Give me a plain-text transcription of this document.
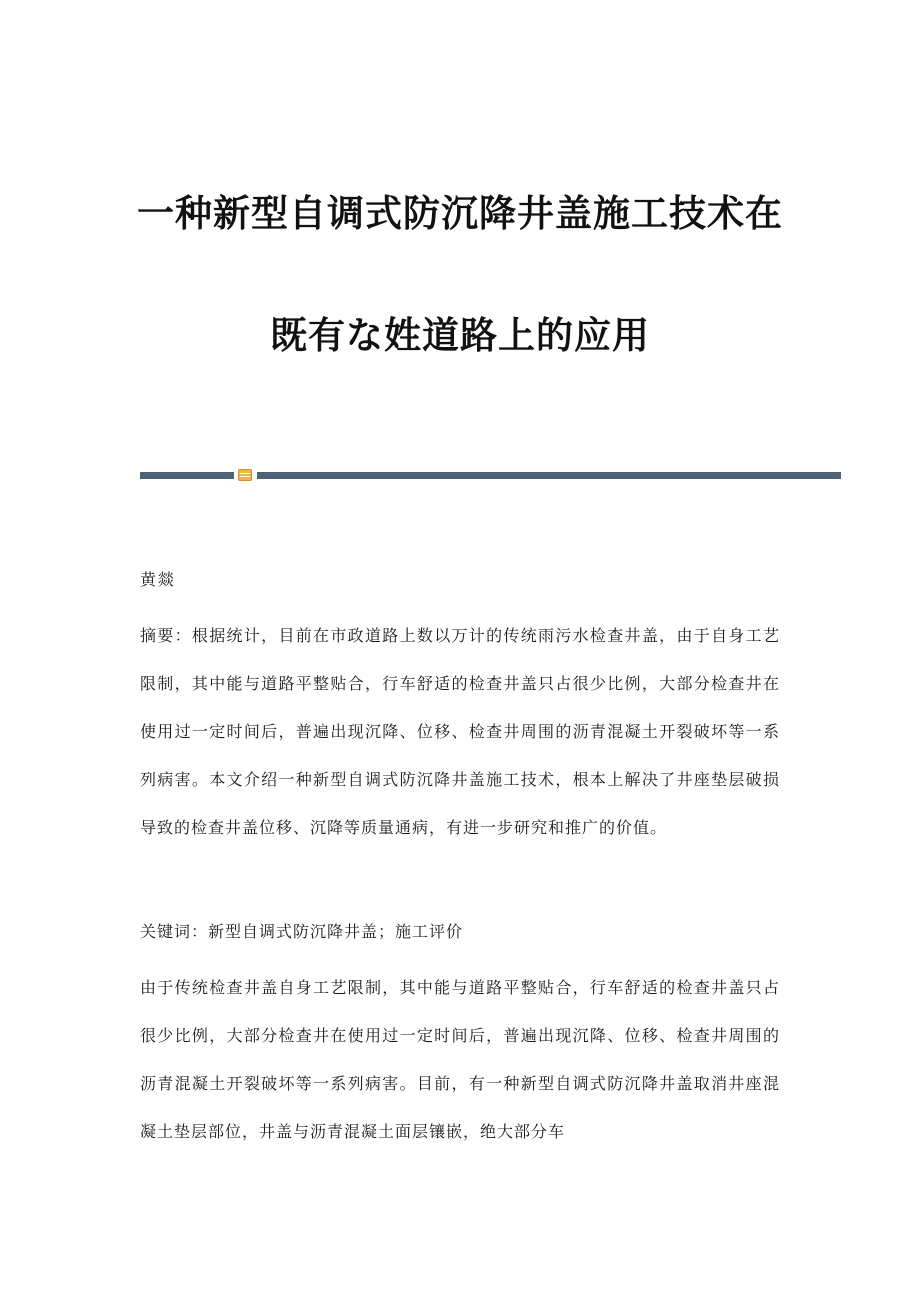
一种新型自调式防沉降井盖施工技术在
既有な姓道路上的应用
黄燚

摘要：根据统计，目前在市政道路上数以万计的传统雨污水检查井盖，由于自身工艺限制，其中能与道路平整贴合，行车舒适的检查井盖只占很少比例，大部分检查井在使用过一定时间后，普遍出现沉降、位移、检查井周围的沥青混凝土开裂破坏等一系列病害。本文介绍一种新型自调式防沉降井盖施工技术，根本上解决了井座垫层破损导致的检查井盖位移、沉降等质量通病，有进一步研究和推广的价值。

关键词：新型自调式防沉降井盖；施工评价

由于传统检查井盖自身工艺限制，其中能与道路平整贴合，行车舒适的检查井盖只占很少比例，大部分检查井在使用过一定时间后，普遍出现沉降、位移、检查井周围的沥青混凝土开裂破坏等一系列病害。目前，有一种新型自调式防沉降井盖取消井座混凝土垫层部位，井盖与沥青混凝土面层镶嵌，绝大部分车
